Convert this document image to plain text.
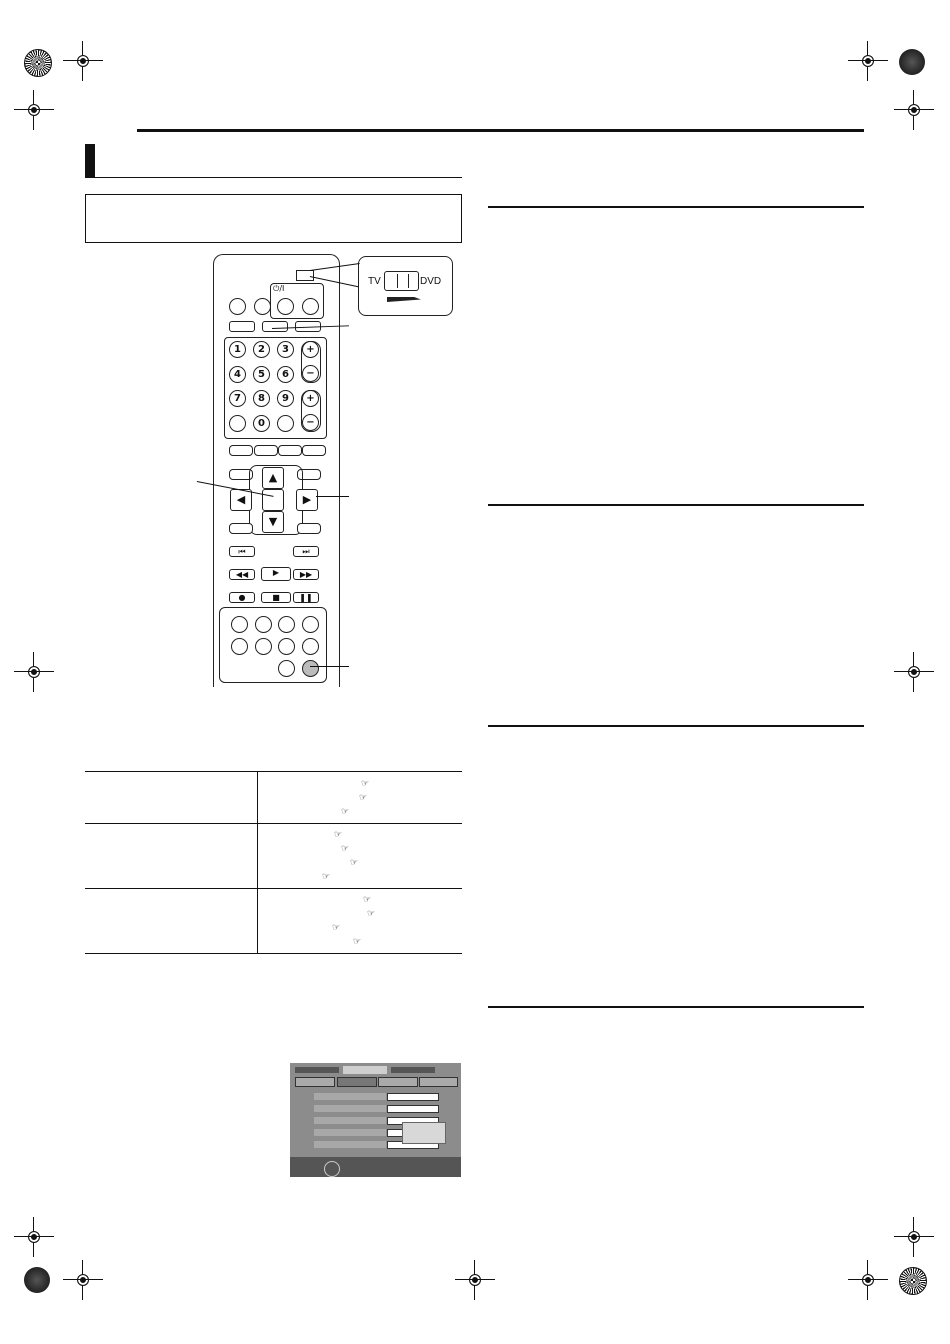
⏻/I
1	2	3
4	5	6
7	8	9
0
+
−
+
−
▲
◀	▶
▼
⏮	⏭
◀◀	▶	▶▶
●	■	❚❚
TV	DVD

	☞
☞
☞

	☞
☞
☞
☞

	☞
☞
☞
☞
